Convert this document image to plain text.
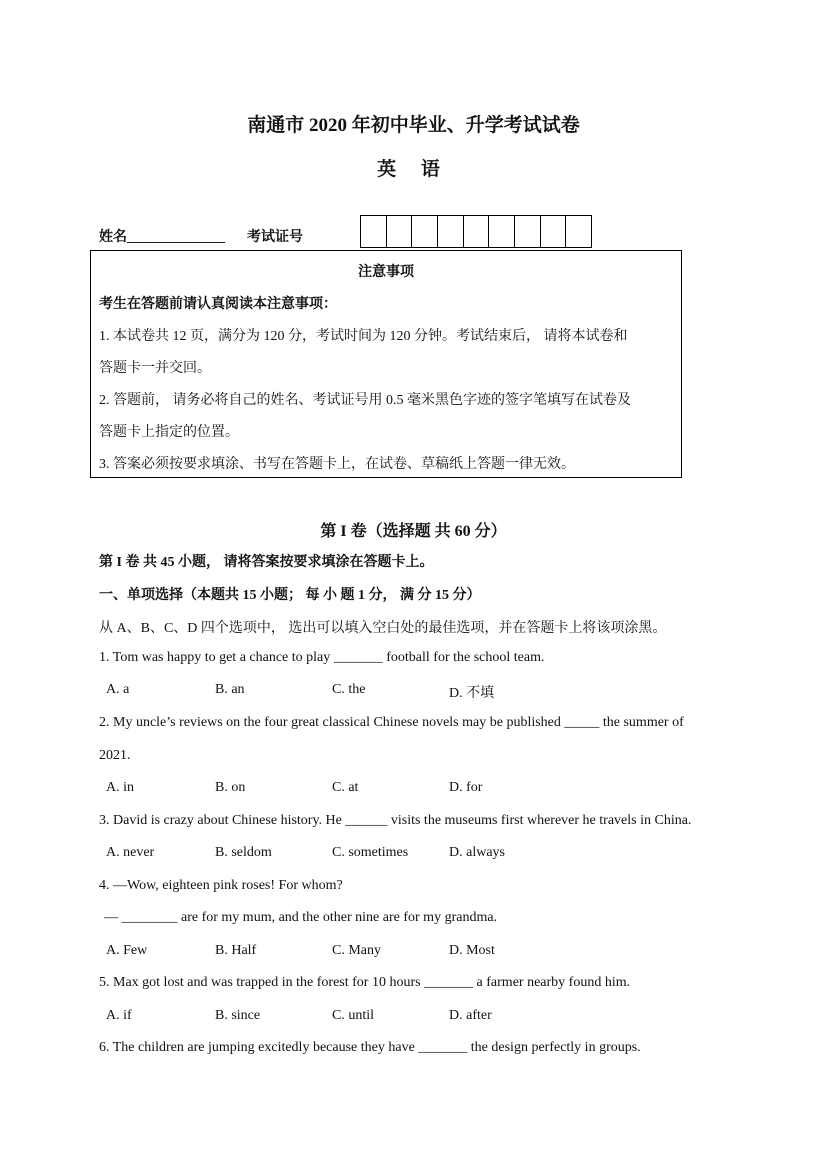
南通市 2020 年初中毕业、升学考试试卷
英 语
姓名______________ 考试证号
注意事项
考生在答题前请认真阅读本注意事项：
1. 本试卷共 12 页，满分为 120 分，考试时间为 120 分钟。考试结束后， 请将本试卷和
答题卡一并交回。
2. 答题前， 请务必将自己的姓名、考试证号用 0.5 毫米黑色字迹的签字笔填写在试卷及
答题卡上指定的位置。
3. 答案必须按要求填涂、书写在答题卡上，在试卷、草稿纸上答题一律无效。
第 I 卷（选择题 共 60 分）
第 I 卷 共 45 小题， 请将答案按要求填涂在答题卡上。
一、单项选择（本题共 15 小题； 每 小 题 1 分， 满 分 15 分）
从 A、B、C、D 四个选项中， 选出可以填入空白处的最佳选项，并在答题卡上将该项涂黑。
1. Tom was happy to get a chance to play _______ football for the school team.
A. a	B. an	C. the	D. 不填
2. My uncle’s reviews on the four great classical Chinese novels may be published _____ the summer of
2021.
A. in	B. on	C. at	D. for
3. David is crazy about Chinese history. He ______ visits the museums first wherever he travels in China.
A. never	B. seldom	C. sometimes	D. always
4. —Wow, eighteen pink roses! For whom?
— ________ are for my mum, and the other nine are for my grandma.
A. Few	B. Half	C. Many	D. Most
5. Max got lost and was trapped in the forest for 10 hours _______ a farmer nearby found him.
A. if	B. since	C. until	D. after
6. The children are jumping excitedly because they have _______ the design perfectly in groups.
